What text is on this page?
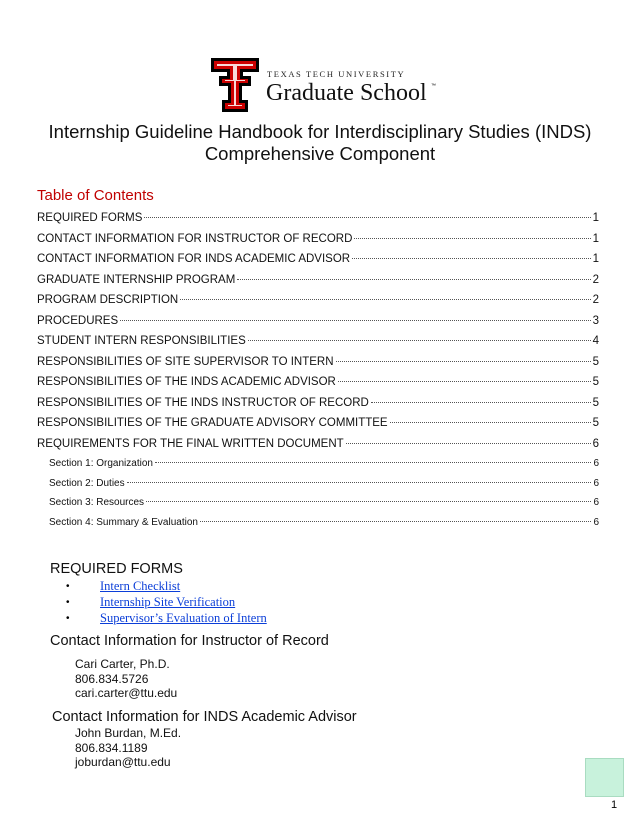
TEXAS TECH UNIVERSITY
Graduate School ™
Internship Guideline Handbook for Interdisciplinary Studies (INDS)
Comprehensive Component
Table of Contents
REQUIRED FORMS	1
CONTACT INFORMATION FOR INSTRUCTOR OF RECORD	1
CONTACT INFORMATION FOR INDS ACADEMIC ADVISOR	1
GRADUATE INTERNSHIP PROGRAM	2
PROGRAM DESCRIPTION	2
PROCEDURES	3
STUDENT INTERN RESPONSIBILITIES	4
RESPONSIBILITIES OF SITE SUPERVISOR TO INTERN	5
RESPONSIBILITIES OF THE INDS ACADEMIC ADVISOR	5
RESPONSIBILITIES OF THE INDS INSTRUCTOR OF RECORD	5
RESPONSIBILITIES OF THE GRADUATE ADVISORY COMMITTEE	5
REQUIREMENTS FOR THE FINAL WRITTEN DOCUMENT	6
Section 1: Organization	6
Section 2: Duties	6
Section 3: Resources	6
Section 4: Summary & Evaluation	6
REQUIRED FORMS
•	Intern Checklist
•	Internship Site Verification
•	Supervisor’s Evaluation of Intern
Contact Information for Instructor of Record
Cari Carter, Ph.D.
806.834.5726
cari.carter@ttu.edu
Contact Information for INDS Academic Advisor
John Burdan, M.Ed.
806.834.1189
joburdan@ttu.edu
1
